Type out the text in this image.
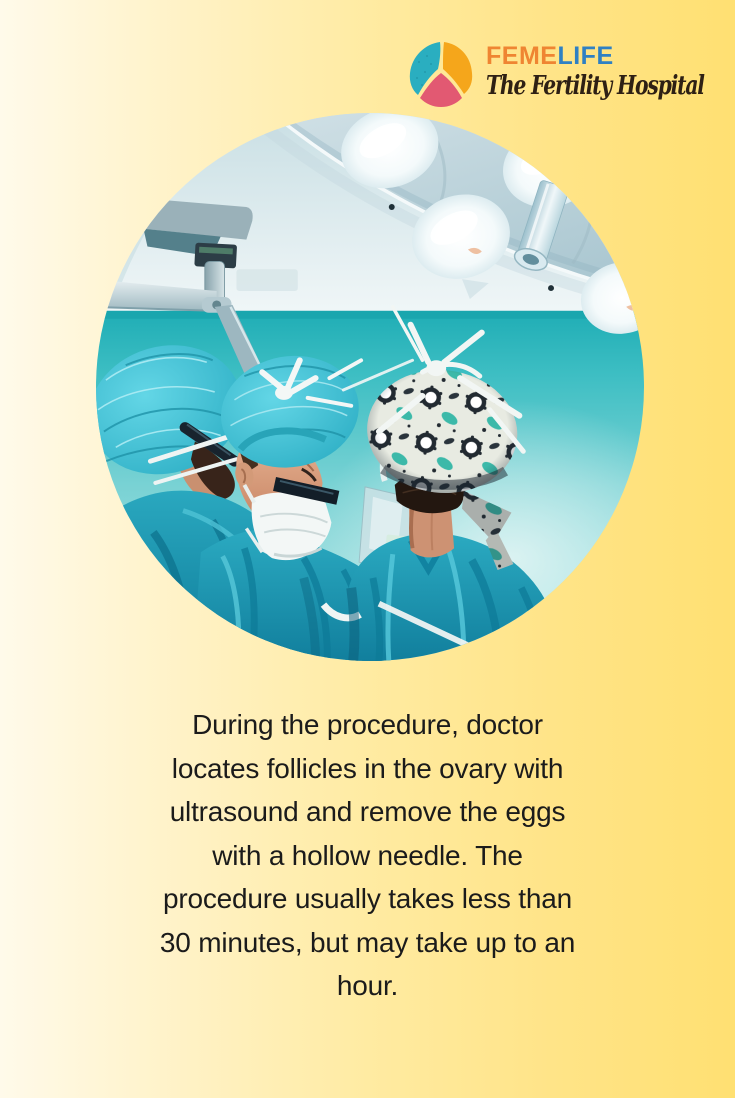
FEMELIFE
The Fertility Hospital
During the procedure, doctor
locates follicles in the ovary with
ultrasound and remove the eggs
with a hollow needle. The
procedure usually takes less than
30 minutes, but may take up to an
hour.
